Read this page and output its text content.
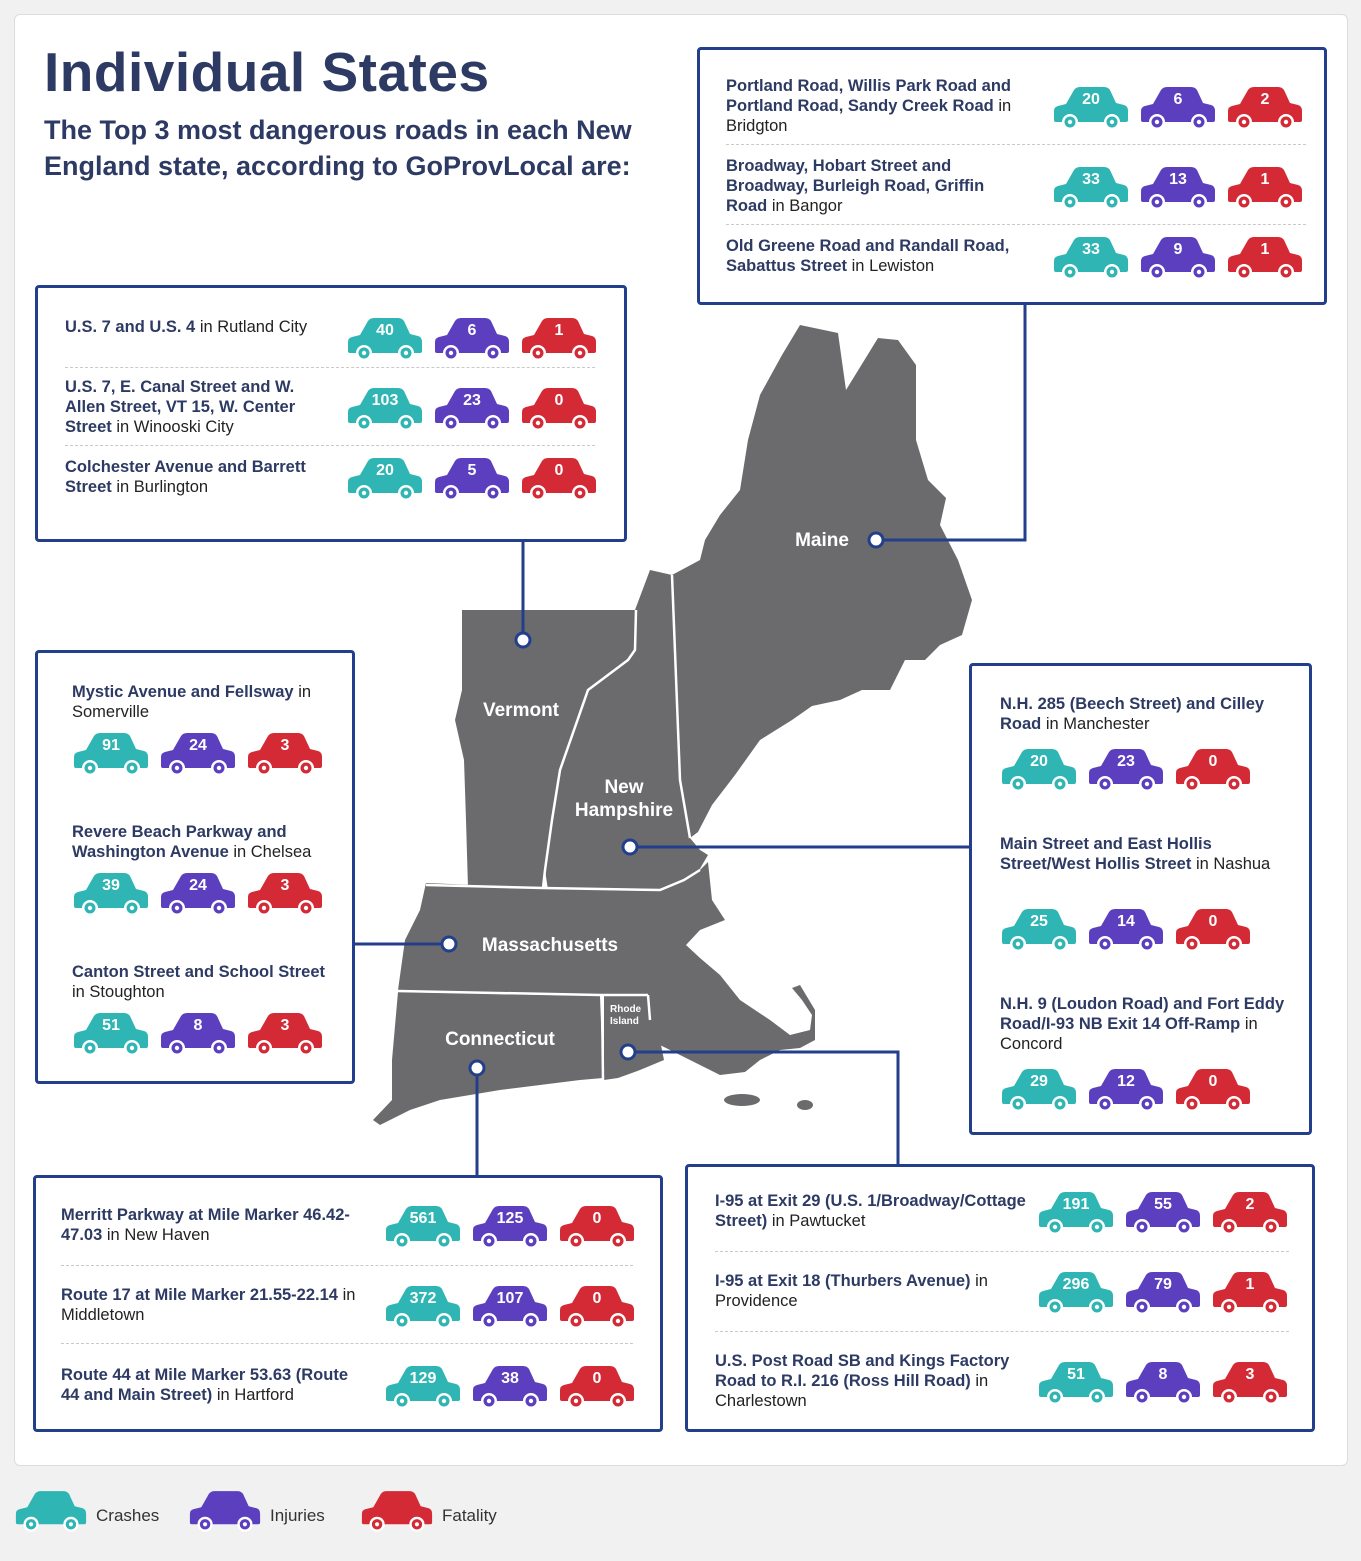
Individual States

The Top 3 most dangerous roads in each New England state, according to GoProvLocal are:

Maine
Vermont
New
Hampshire
Massachusetts
Connecticut
Rhode
Island
Portland Road, Willis Park Road and Portland Road, Sandy Creek Road in Bridgton
20	6	2
Broadway, Hobart Street and Broadway, Burleigh Road, Griffin Road in Bangor
33	13	1
Old Greene Road and Randall Road, Sabattus Street in Lewiston
33	9	1
U.S. 7 and U.S. 4 in Rutland City	40	6	1
U.S. 7, E. Canal Street and W. Allen Street, VT 15, W. Center Street in Winooski City
103	23	0
Colchester Avenue and Barrett Street in Burlington
20	5	0
Mystic Avenue and Fellsway in Somerville
91	24	3
Revere Beach Parkway and Washington Avenue in Chelsea
39	24	3
Canton Street and School Street in Stoughton
51	8	3
N.H. 285 (Beech Street) and Cilley Road in Manchester
20	23	0
Main Street and East Hollis Street/West Hollis Street in Nashua
25	14	0
N.H. 9 (Loudon Road) and Fort Eddy Road/I-93 NB Exit 14 Off-Ramp in Concord
29	12	0
Merritt Parkway at Mile Marker 46.42-47.03 in New Haven
561	125	0
Route 17 at Mile Marker 21.55-22.14 in Middletown
372	107	0
Route 44 at Mile Marker 53.63 (Route 44 and Main Street) in Hartford
129	38	0
I-95 at Exit 29 (U.S. 1/Broadway/Cottage Street) in Pawtucket
191	55	2
I-95 at Exit 18 (Thurbers Avenue) in Providence
296	79	1
U.S. Post Road SB and Kings Factory Road to R.I. 216 (Ross Hill Road) in Charlestown
51	8	3
Crashes	Injuries	Fatality
